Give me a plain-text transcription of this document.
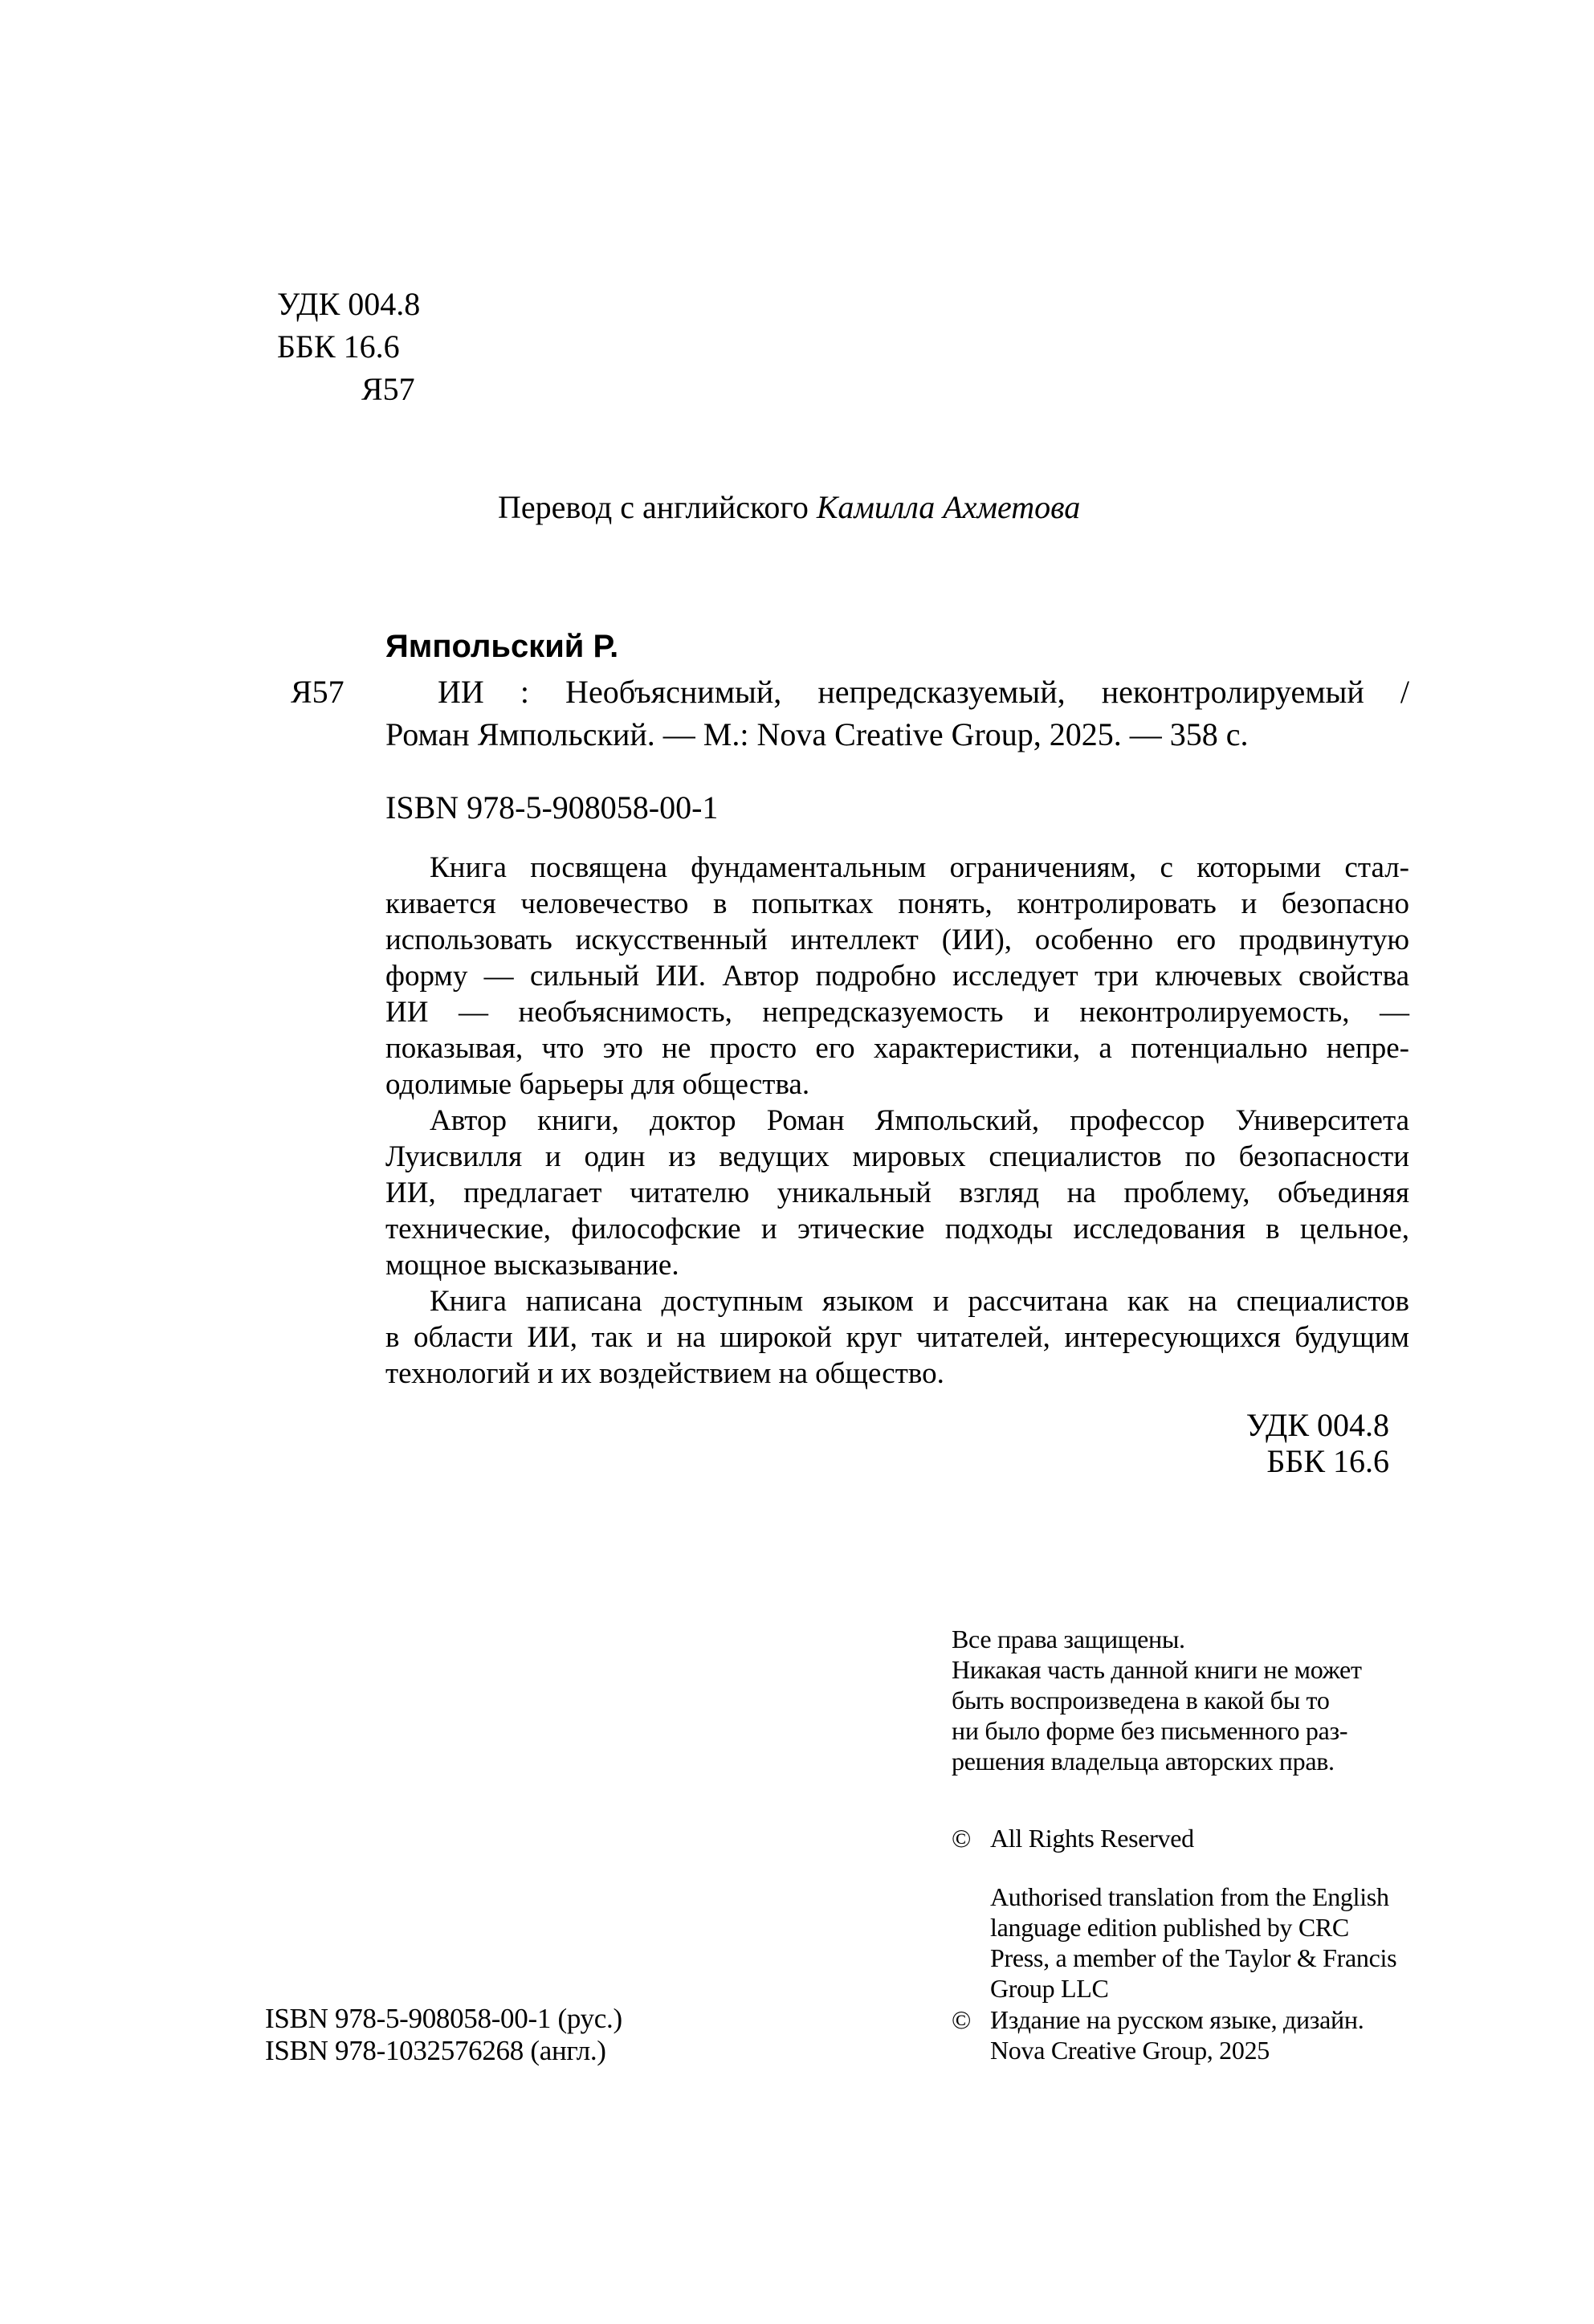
УДК 004.8
ББК 16.6
Я57
Перевод с английского Камилла Ахметова
Ямпольский Р.
Я57	ИИ : Необъяснимый, непредсказуемый, неконтролируемый /
Роман Ямпольский. — М.: Nova Creative Group, 2025. — 358 с.
ISBN 978-5-908058-00-1
Книга посвящена фундаментальным ограничениям, с которыми стал-
кивается человечество в попытках понять, контролировать и безопасно
использовать искусственный интеллект (ИИ), особенно его продвинутую
форму — сильный ИИ. Автор подробно исследует три ключевых свойства
ИИ — необъяснимость, непредсказуемость и неконтролируемость, —
показывая, что это не просто его характеристики, а потенциально непре-
одолимые барьеры для общества.
Автор книги, доктор Роман Ямпольский, профессор Университета
Луисвилля и один из ведущих мировых специалистов по безопасности
ИИ, предлагает читателю уникальный взгляд на проблему, объединяя
технические, философские и этические подходы исследования в цельное,
мощное высказывание.
Книга написана доступным языком и рассчитана как на специалистов
в области ИИ, так и на широкой круг читателей, интересующихся будущим
технологий и их воздействием на общество.
УДК 004.8
ББК 16.6
Все права защищены.
Никакая часть данной книги не может
быть воспроизведена в какой бы то
ни было форме без письменного раз-
решения владельца авторских прав.
© All Rights Reserved
Authorised translation from the English
language edition published by CRC
Press, a member of the Taylor & Francis
Group LLC
© Издание на русском языке, дизайн.
Nova Creative Group, 2025
ISBN 978-5-908058-00-1 (рус.)
ISBN 978-1032576268 (англ.)
